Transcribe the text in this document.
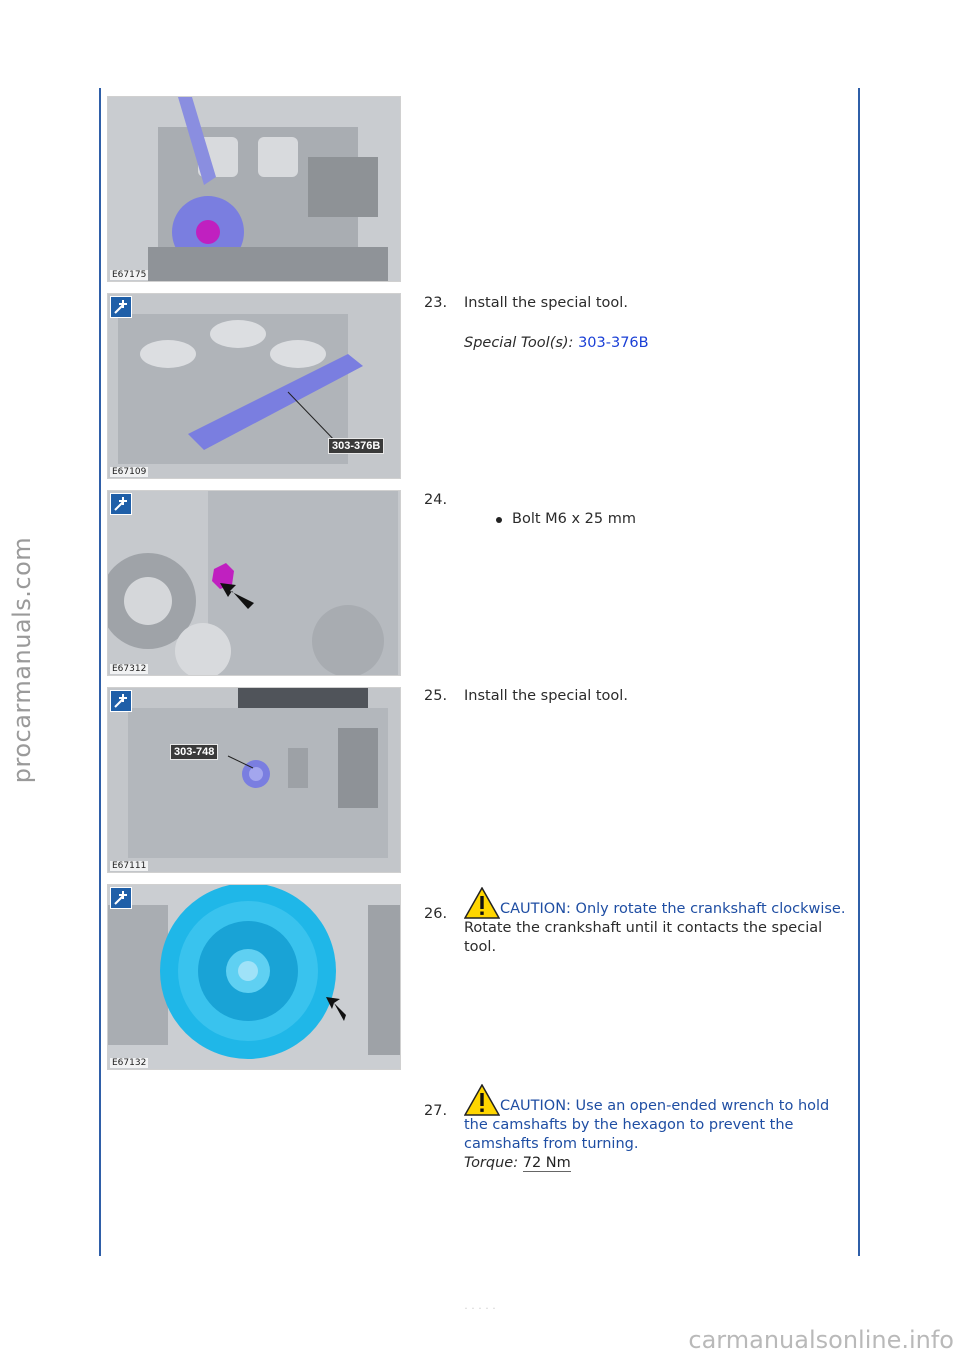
procarmanuals.com
E67175
303-376B
E67109
E67312
303-748
E67111
E67132
23. Install the special tool.
Special Tool(s): 303-376B
24.
Bolt M6 x 25 mm
25. Install the special tool.
26.	CAUTION: Only rotate the crankshaft clockwise.
Rotate the crankshaft until it contacts the special tool.
27.	CAUTION: Use an open-ended wrench to hold the camshafts by the hexagon to prevent the camshafts from turning.
Torque: 72 Nm
· · · · ·
carmanualsonline.info
